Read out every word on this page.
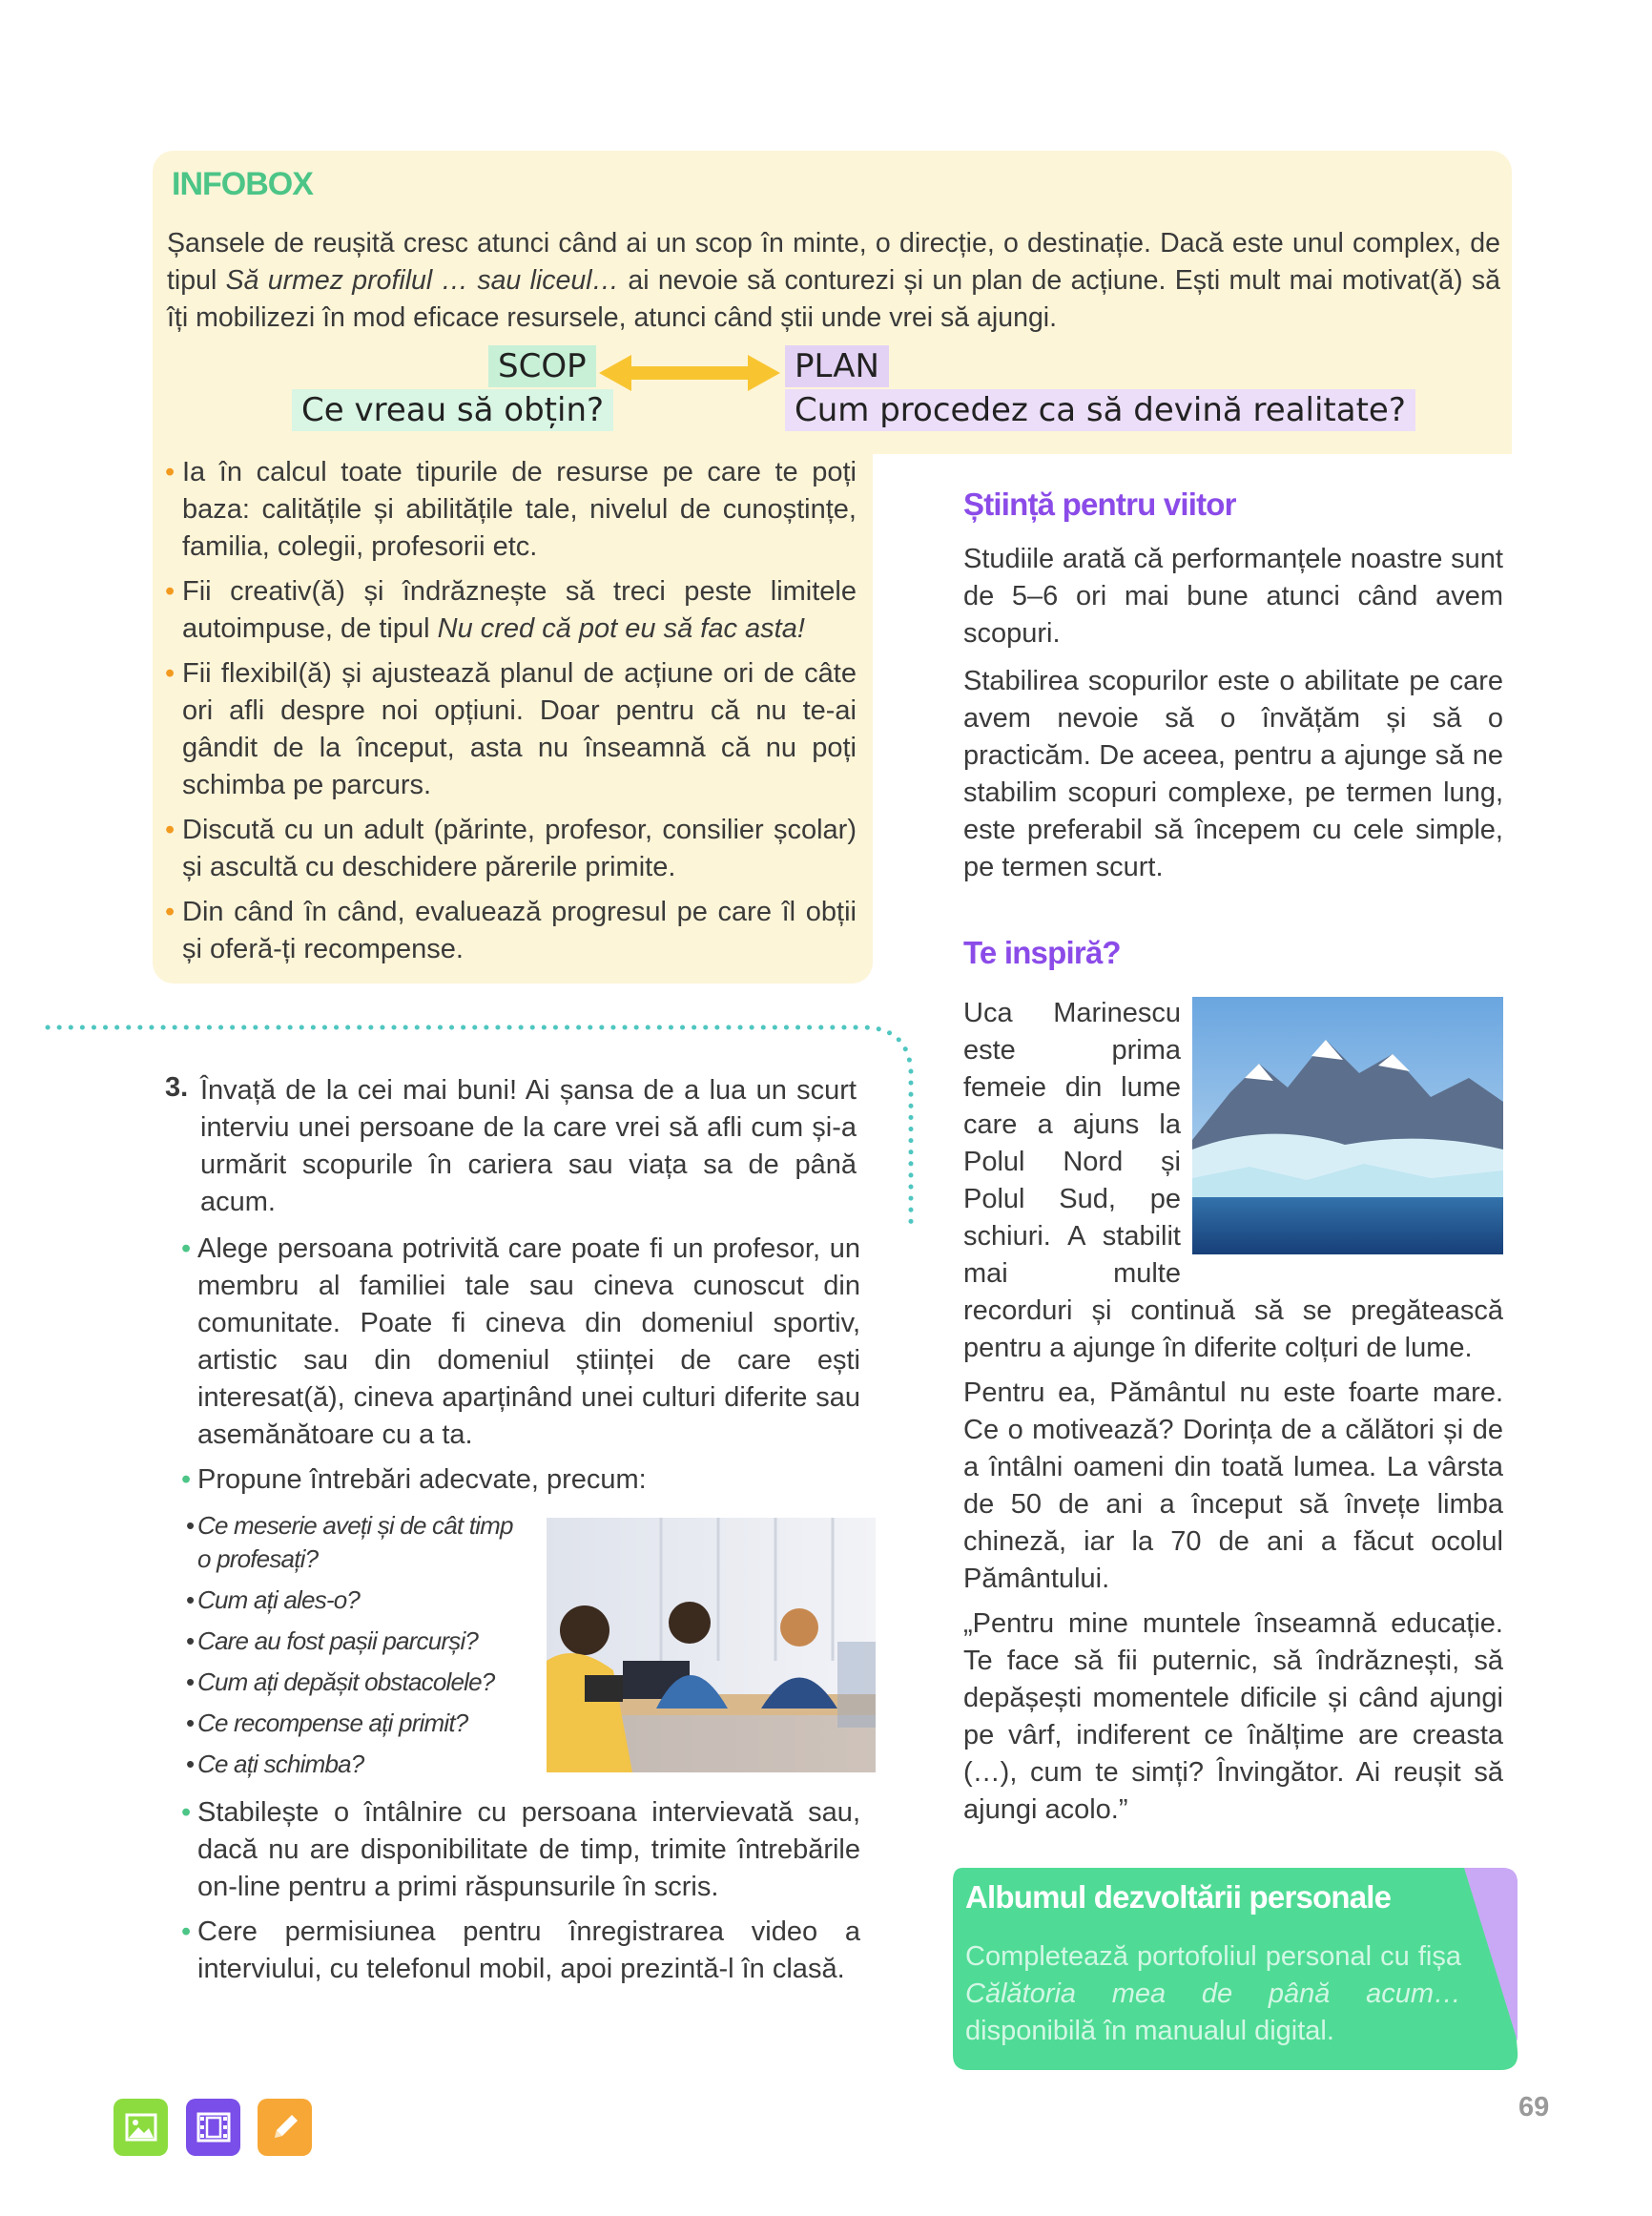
INFOBOX
Șansele de reușită cresc atunci când ai un scop în minte, o direcție, o destinație. Dacă este unul complex, de tipul Să urmez profilul … sau liceul… ai nevoie să conturezi și un plan de acțiune. Ești mult mai motivat(ă) să îți mobilizezi în mod eficace resursele, atunci când știi unde vrei să ajungi.
SCOP
Ce vreau să obțin?
PLAN
Cum procedez ca să devină realitate?
• Ia în calcul toate tipurile de resurse pe care te poți baza: calitățile și abilitățile tale, nivelul de cunoștințe, familia, colegii, profesorii etc.
• Fii creativ(ă) și îndrăznește să treci peste limitele autoimpuse, de tipul Nu cred că pot eu să fac asta!
• Fii flexibil(ă) și ajustează planul de acțiune ori de câte ori afli despre noi opțiuni. Doar pentru că nu te-ai gândit de la început, asta nu înseamnă că nu poți schimba pe parcurs.
• Discută cu un adult (părinte, profesor, consilier școlar) și ascultă cu deschidere părerile primite.
• Din când în când, evaluează progresul pe care îl obții și oferă-ți recompense.
3. Învață de la cei mai buni! Ai șansa de a lua un scurt interviu unei persoane de la care vrei să afli cum și-a urmărit scopurile în cariera sau viața sa de până acum.
• Alege persoana potrivită care poate fi un profesor, un membru al familiei tale sau cineva cunoscut din comunitate. Poate fi cineva din domeniul sportiv, artistic sau din domeniul științei de care ești interesat(ă), cineva aparținând unei culturi diferite sau asemănătoare cu a ta.
• Propune întrebări adecvate, precum:
• Ce meserie aveți și de cât timp o profesați?
• Cum ați ales-o?
• Care au fost pașii parcurși?
• Cum ați depășit obstacolele?
• Ce recompense ați primit?
• Ce ați schimba?
• Stabilește o întâlnire cu persoana intervievată sau, dacă nu are disponibilitate de timp, trimite întrebările on-line pentru a primi răspunsurile în scris.
• Cere permisiunea pentru înregistrarea video a interviului, cu telefonul mobil, apoi prezintă-l în clasă.
Știință pentru viitor
Studiile arată că performanțele noastre sunt de 5–6 ori mai bune atunci când avem scopuri.
Stabilirea scopurilor este o abilitate pe care avem nevoie să o învățăm și să o practicăm. De aceea, pentru a ajunge să ne stabilim scopuri complexe, pe termen lung, este preferabil să începem cu cele simple, pe termen scurt.
Te inspiră?

Uca Marinescu este prima femeie din lume care a ajuns la Polul Nord și Polul Sud, pe schiuri. A stabilit mai multe recorduri și continuă să se pregătească pentru a ajunge în diferite colțuri de lume.

Pentru ea, Pământul nu este foarte mare. Ce o motivează? Dorința de a călători și de a întâlni oameni din toată lumea. La vârsta de 50 de ani a început să învețe limba chineză, iar la 70 de ani a făcut ocolul Pământului.

„Pentru mine muntele înseamnă educație. Te face să fii puternic, să îndrăznești, să depășești momentele dificile și când ajungi pe vârf, indiferent ce înălțime are creasta (…), cum te simți? Învingător. Ai reușit să ajungi acolo.”

Albumul dezvoltării personale
Completează portofoliul personal cu fișa Călătoria mea de până acum… disponibilă în manualul digital.
69
